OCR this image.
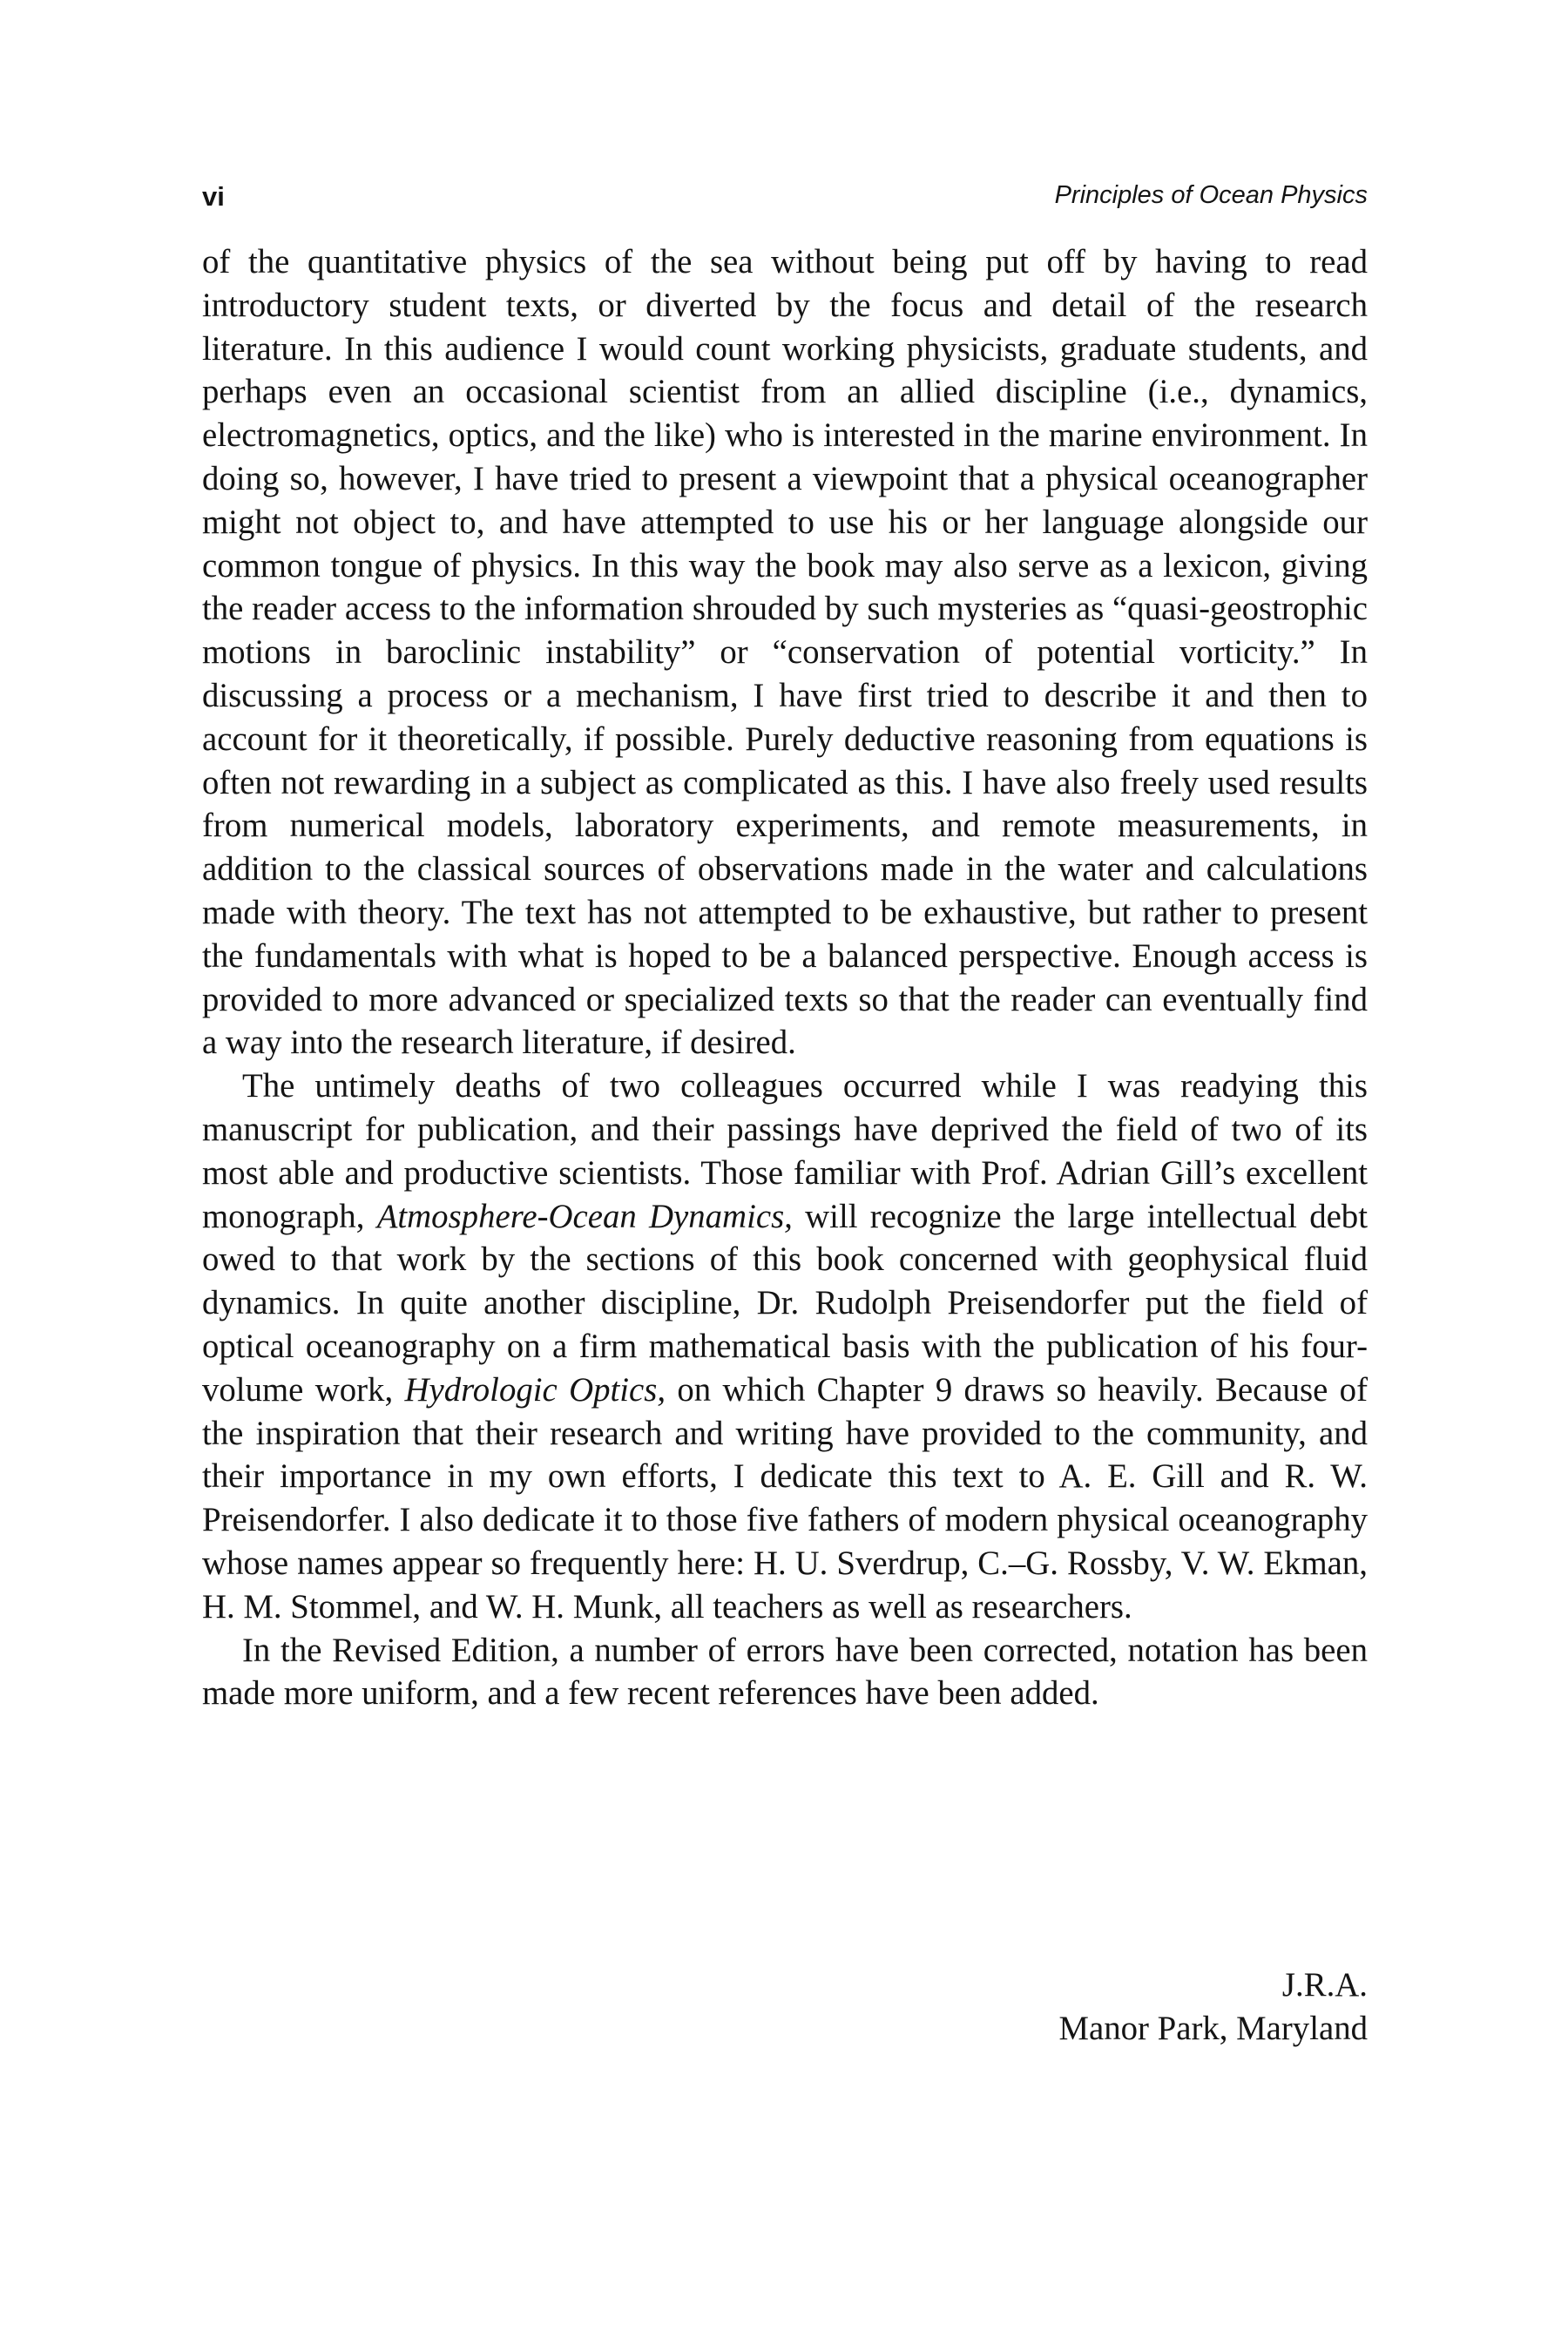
vi	Principles of Ocean Physics

of the quantitative physics of the sea without being put off by having to read introductory student texts, or diverted by the focus and detail of the research literature. In this audience I would count working physicists, graduate students, and perhaps even an occasional scientist from an allied discipline (i.e., dynamics, electromagnetics, optics, and the like) who is interested in the marine environment. In doing so, however, I have tried to present a viewpoint that a physical oceanographer might not object to, and have attempted to use his or her language alongside our common tongue of physics. In this way the book may also serve as a lexicon, giving the reader access to the information shrouded by such mysteries as “quasi-geostrophic motions in baroclinic instability” or “conservation of potential vorticity.” In discussing a process or a mechanism, I have first tried to describe it and then to account for it theoretically, if possible. Purely deductive reasoning from equations is often not rewarding in a subject as complicated as this. I have also freely used results from numerical models, laboratory experiments, and remote measurements, in addition to the classical sources of observations made in the water and calculations made with theory. The text has not attempted to be exhaustive, but rather to present the fundamentals with what is hoped to be a balanced perspective. Enough access is provided to more advanced or specialized texts so that the reader can eventually find a way into the research literature, if desired.

The untimely deaths of two colleagues occurred while I was readying this manuscript for publication, and their passings have deprived the field of two of its most able and productive scientists. Those familiar with Prof. Adrian Gill’s excellent monograph, Atmosphere-Ocean Dynamics, will recognize the large intellectual debt owed to that work by the sections of this book concerned with geophysical fluid dynamics. In quite another discipline, Dr. Rudolph Preisendorfer put the field of optical oceanography on a firm mathematical basis with the publication of his four-volume work, Hydrologic Optics, on which Chapter 9 draws so heavily. Because of the inspiration that their research and writing have provided to the community, and their importance in my own efforts, I dedicate this text to A. E. Gill and R. W. Preisendorfer. I also dedicate it to those five fathers of modern physical oceanography whose names appear so frequently here: H. U. Sverdrup, C.–G. Rossby, V. W. Ekman, H. M. Stommel, and W. H. Munk, all teachers as well as researchers.

In the Revised Edition, a number of errors have been corrected, notation has been made more uniform, and a few recent references have been added.

J.R.A.
Manor Park, Maryland
